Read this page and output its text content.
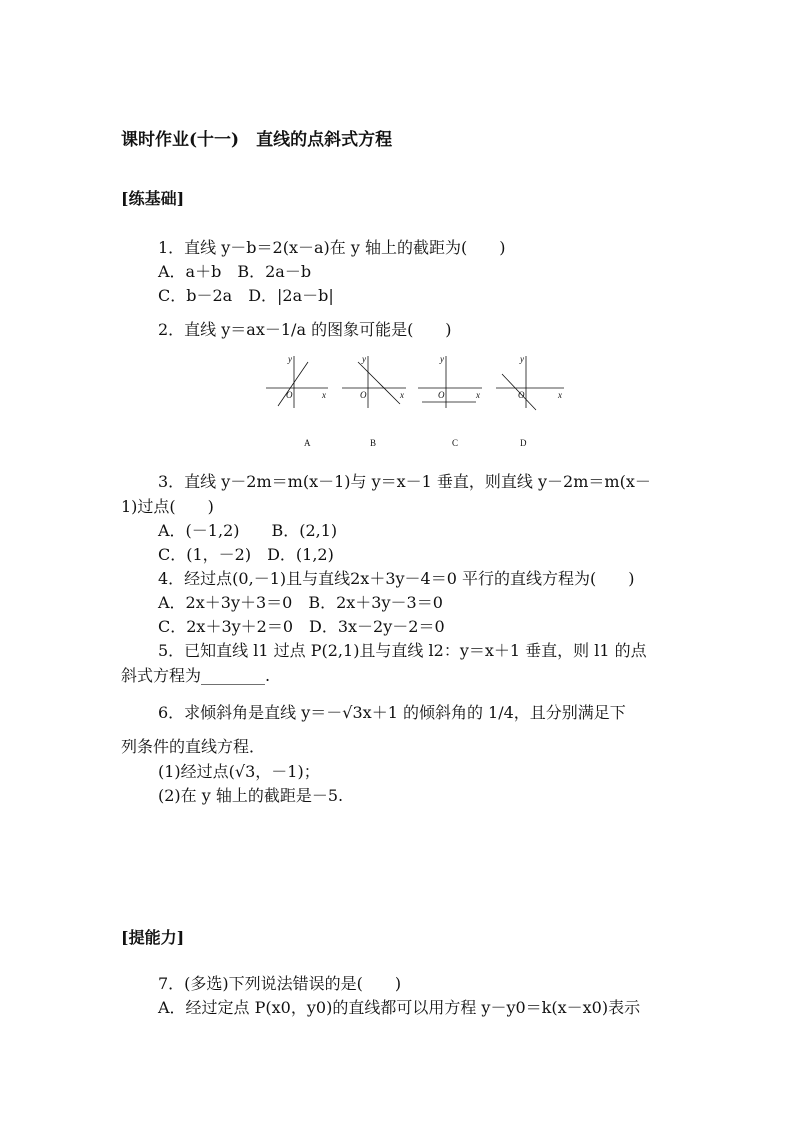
课时作业(十一)　直线的点斜式方程
[练基础]
1．直线 y－b＝2(x－a)在 y 轴上的截距为(　　)
A．a＋b　B．2a－b
C．b－2a　D．|2a－b|
2．直线 y＝ax－1/a 的图象可能是(　　)
y
O	x
y
O	x
y
O	x
y
O	x
A	B	C	D
3．直线 y－2m＝m(x－1)与 y＝x－1 垂直，则直线 y－2m＝m(x－
1)过点(　　)
A．(－1,2)　　B．(2,1)
C．(1，－2)　D．(1,2)
4．经过点(0,－1)且与直线2x＋3y－4＝0 平行的直线方程为(　　)
A．2x＋3y＋3＝0　B．2x＋3y－3＝0
C．2x＋3y＋2＝0　D．3x－2y－2＝0
5．已知直线 l1 过点 P(2,1)且与直线 l2：y＝x＋1 垂直，则 l1 的点
斜式方程为________.
6．求倾斜角是直线 y＝－√3x＋1 的倾斜角的 1/4，且分别满足下
列条件的直线方程．
(1)经过点(√3，－1)；
(2)在 y 轴上的截距是－5.
[提能力]
7．(多选)下列说法错误的是(　　)
A．经过定点 P(x0，y0)的直线都可以用方程 y－y0＝k(x－x0)表示
